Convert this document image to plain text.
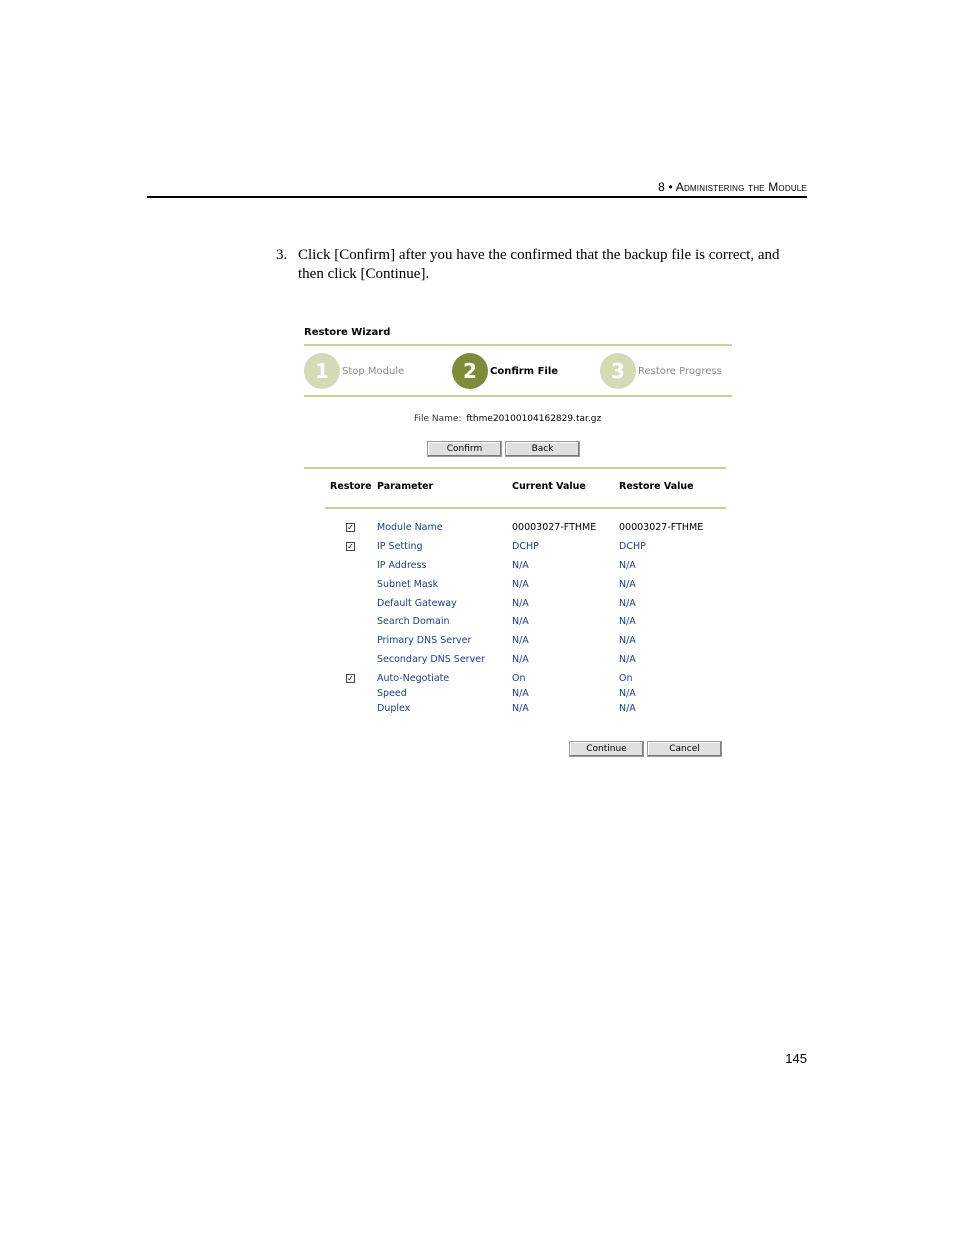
8 • Administering the Module
3. Click [Confirm] after you have the confirmed that the backup file is correct, and then click [Continue].
Restore Wizard
1	Stop Module	2	Confirm File	3	Restore Progress
File Name: fthme20100104162829.tar.gz
Confirm	Back
Restore Parameter	Current Value	Restore Value
✓ Module Name	00003027-FTHME 00003027-FTHME
✓ IP Setting	DCHP	DCHP
IP Address	N/A	N/A
Subnet Mask	N/A	N/A
Default Gateway	N/A	N/A
Search Domain	N/A	N/A
Primary DNS Server	N/A	N/A
Secondary DNS Server	N/A	N/A
✓ Auto-Negotiate	On	On
Speed	N/A	N/A
Duplex	N/A	N/A
Continue	Cancel
145
